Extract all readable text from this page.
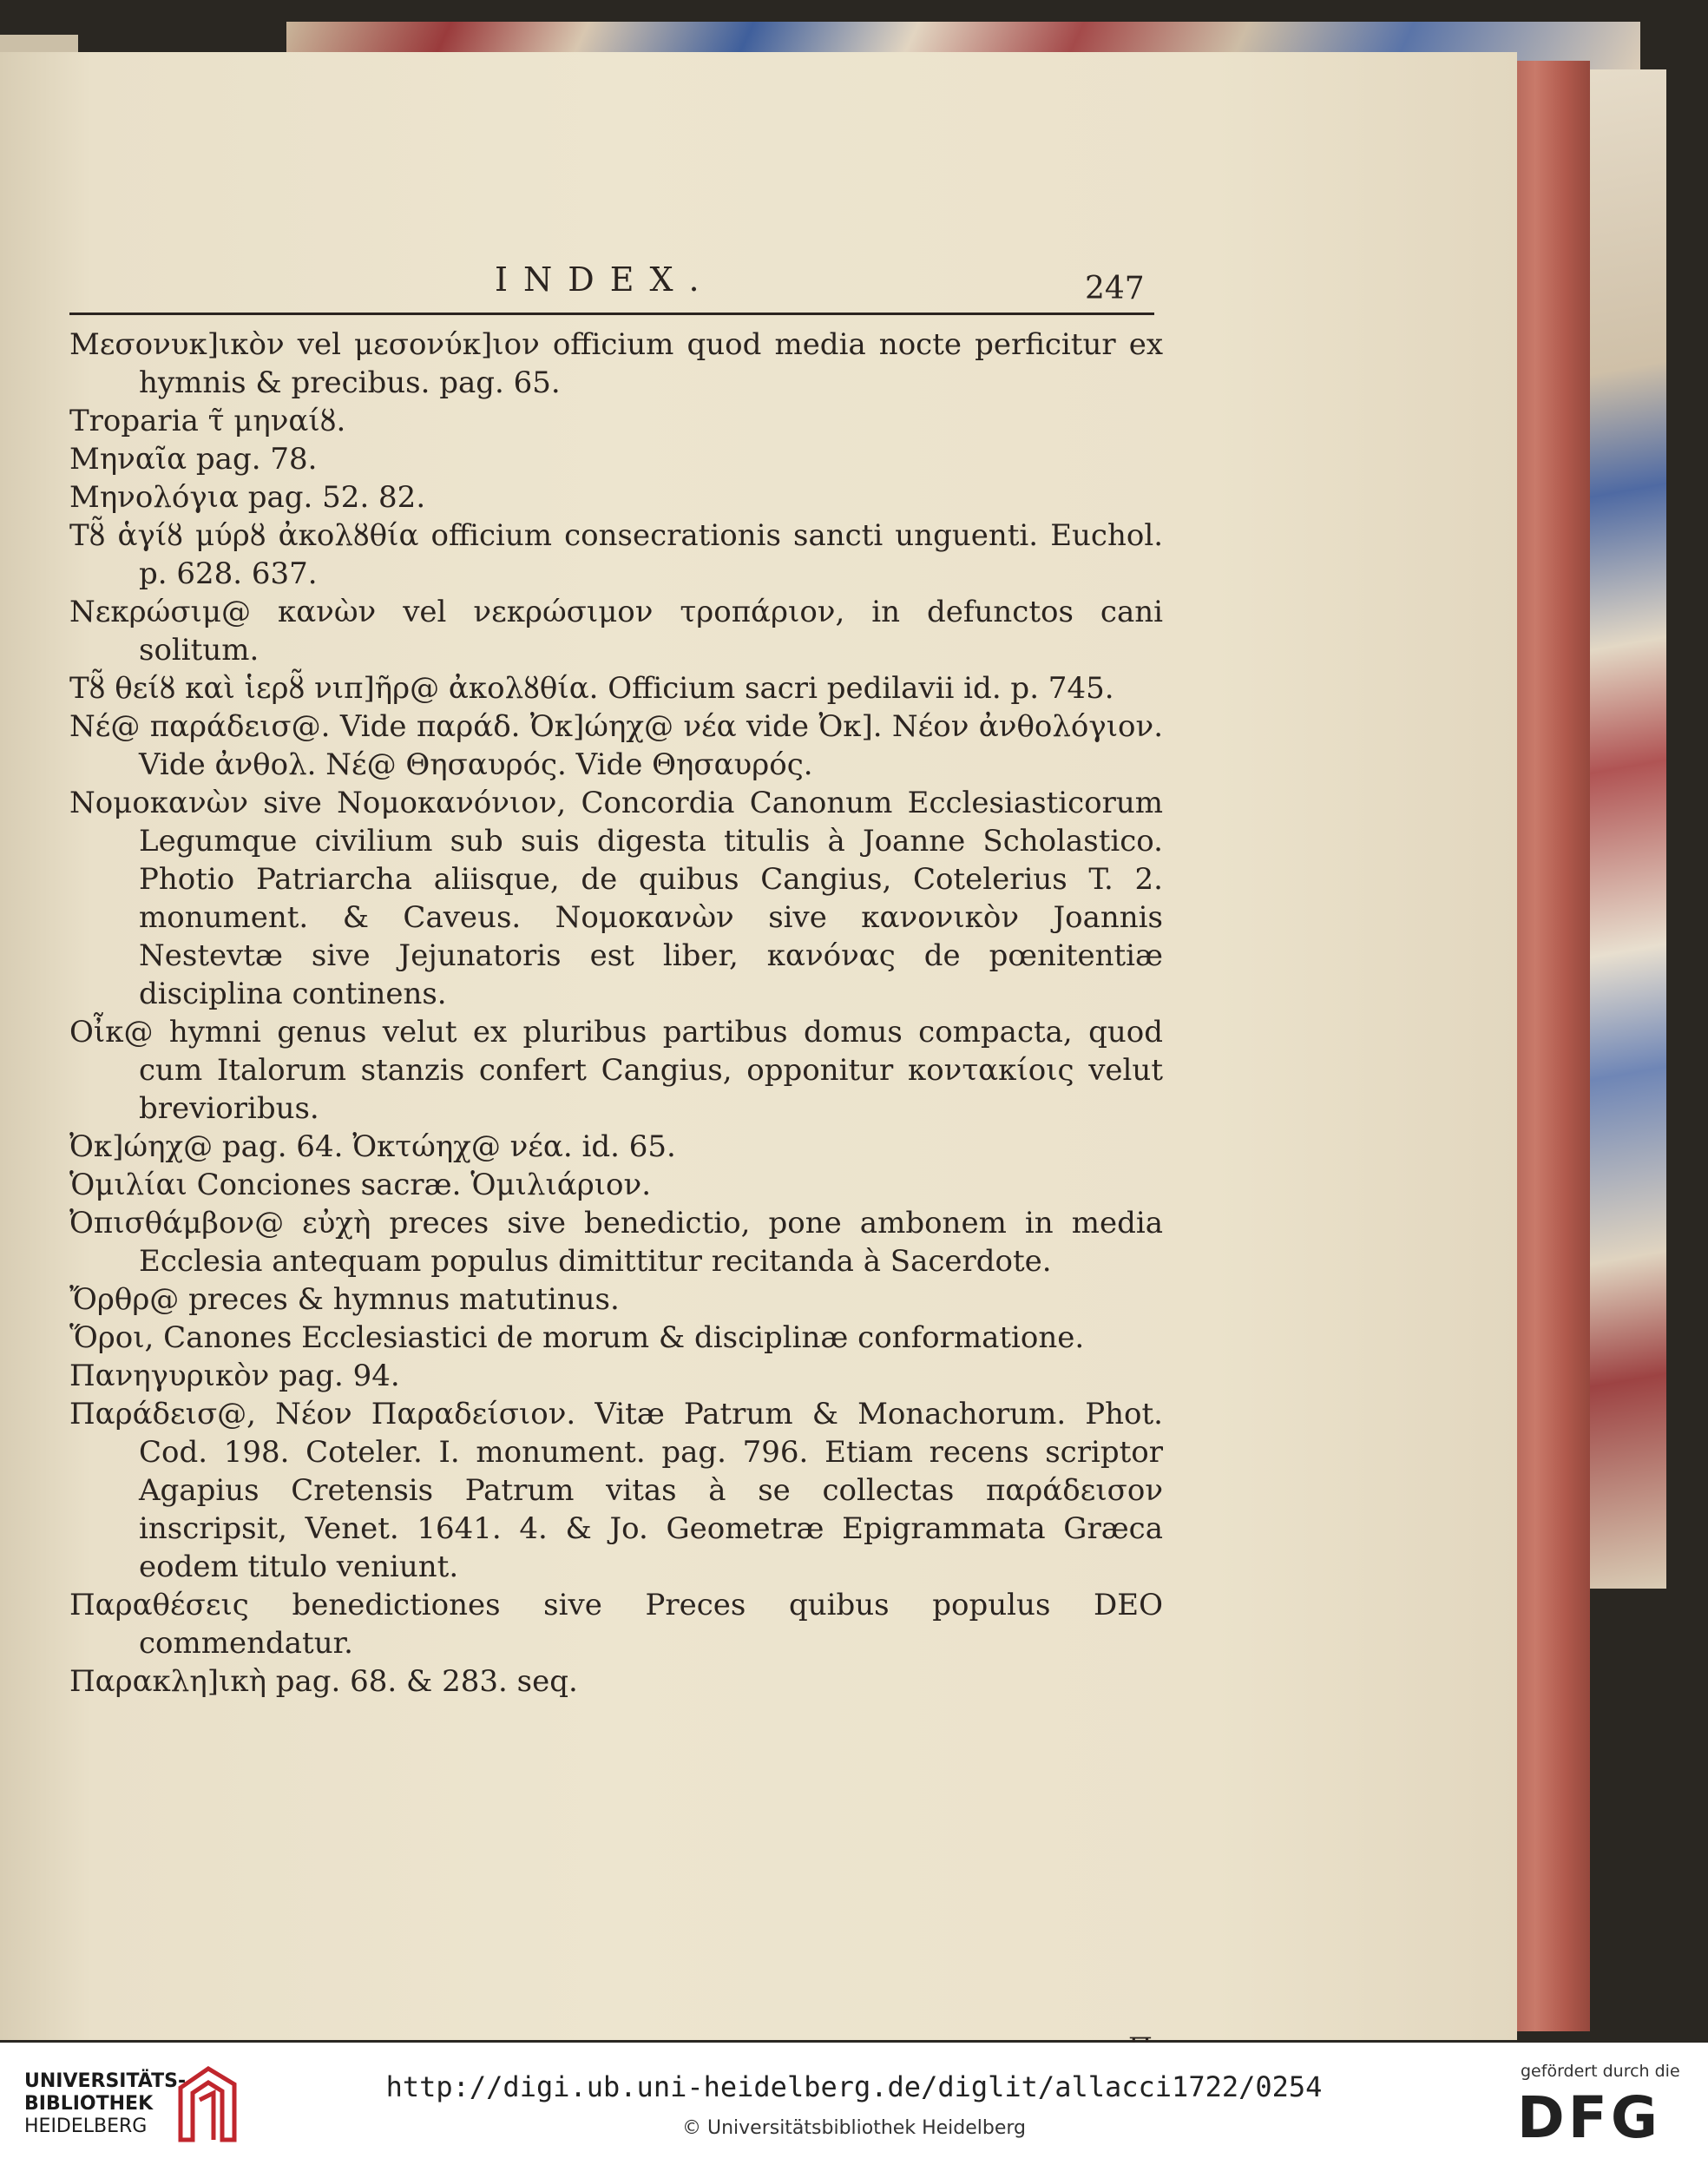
INDEX.	247

Μεσονυκ]ικὸν vel μεσονύκ]ιον officium quod media nocte perficitur ex hymnis & precibus. pag. 65.

Troparia τ̃ μηναίȣ.

Μηναῖα pag. 78.

Μηνολόγια pag. 52. 82.

Τȣ̃ ἁγίȣ μύρȣ ἀκολȣθία officium consecrationis sancti unguenti. Euchol. p. 628. 637.

Νεκρώσιμ@ κανὼν vel νεκρώσιμον τροπάριον, in defunctos cani solitum.

Τȣ̃ θείȣ καὶ ἱερȣ̃ νιπ]ῆρ@ ἀκολȣθία. Officium sacri pedilavii id. p. 745.

Νέ@ παράδεισ@. Vide παράδ. Ὀκ]ώηχ@ νέα vide Ὀκ]. Νέον ἀνθολόγιον. Vide ἀνθολ. Νέ@ Θησαυρός. Vide Θησαυρός.

Νομοκανὼν sive Νομοκανόνιον, Concordia Canonum Ecclesiasticorum Legumque civilium sub suis digesta titulis à Joanne Scholastico. Photio Patriarcha aliisque, de quibus Cangius, Cotelerius T. 2. monument. & Caveus. Νομοκανὼν sive κανονικὸν Joannis Nestevtæ sive Jejunatoris est liber, κανόνας de pœnitentiæ disciplina continens.

Οἶκ@ hymni genus velut ex pluribus partibus domus compacta, quod cum Italorum stanzis confert Cangius, opponitur κοντακίοις velut brevioribus.

Ὀκ]ώηχ@ pag. 64. Ὀκτώηχ@ νέα. id. 65.

Ὁμιλίαι Conciones sacræ. Ὁμιλιάριον.

Ὀπισθάμβον@ εὐχὴ preces sive benedictio, pone ambonem in media Ecclesia antequam populus dimittitur recitanda à Sacerdote.

Ὄρθρ@ preces & hymnus matutinus.

Ὅροι, Canones Ecclesiastici de morum & disciplinæ conformatione.

Πανηγυρικὸν pag. 94.

Παράδεισ@, Νέον Παραδείσιον. Vitæ Patrum & Monachorum. Phot. Cod. 198. Coteler. I. monument. pag. 796. Etiam recens scriptor Agapius Cretensis Patrum vitas à se collectas παράδεισον inscripsit, Venet. 1641. 4. & Jo. Geometræ Epigrammata Græca eodem titulo veniunt.

Παραθέσεις benedictiones sive Preces quibus populus DEO commendatur.

Παρακλη]ικὴ pag. 68. & 283. seq.

UNIVERSITÄTS-
BIBLIOTHEK
HEIDELBERG
http://digi.ub.uni-heidelberg.de/diglit/allacci1722/0254
© Universitätsbibliothek Heidelberg
gefördert durch die
DFG
